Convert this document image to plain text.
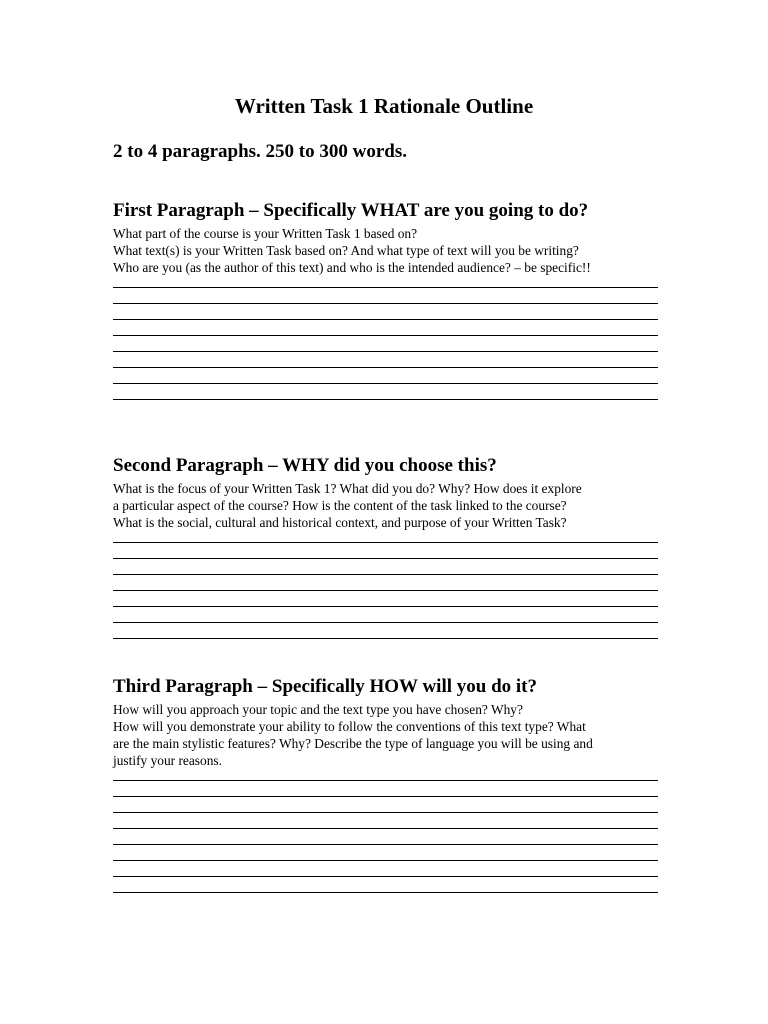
Written Task 1 Rationale Outline
2 to 4 paragraphs. 250 to 300 words.
First Paragraph – Specifically WHAT are you going to do?

What part of the course is your Written Task 1 based on?

What text(s) is your Written Task based on? And what type of text will you be writing?

Who are you (as the author of this text) and who is the intended audience? – be specific!!

Second Paragraph – WHY did you choose this?

What is the focus of your Written Task 1? What did you do? Why? How does it explore

a particular aspect of the course? How is the content of the task linked to the course?

What is the social, cultural and historical context, and purpose of your Written Task?

Third Paragraph – Specifically HOW will you do it?

How will you approach your topic and the text type you have chosen? Why?

How will you demonstrate your ability to follow the conventions of this text type? What

are the main stylistic features? Why? Describe the type of language you will be using and

justify your reasons.
